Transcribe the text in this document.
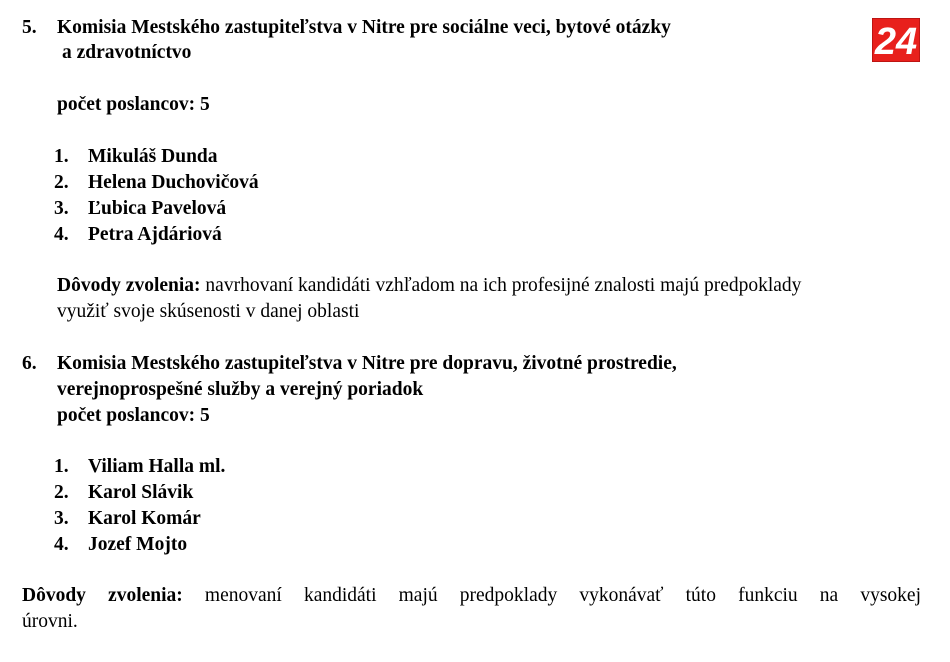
24
5. Komisia Mestského zastupiteľstva v Nitre pre sociálne veci, bytové otázky
a zdravotníctvo
počet poslancov: 5
1. Mikuláš Dunda
2. Helena Duchovičová
3. Ľubica Pavelová
4. Petra Ajdáriová
Dôvody zvolenia: navrhovaní kandidáti vzhľadom na ich profesijné znalosti majú predpoklady
využiť svoje skúsenosti v danej oblasti
6. Komisia Mestského zastupiteľstva v Nitre pre dopravu, životné prostredie,
verejnoprospešné služby a verejný poriadok
počet poslancov: 5
1. Viliam Halla ml.
2. Karol Slávik
3. Karol Komár
4. Jozef Mojto
Dôvody zvolenia: menovaní kandidáti majú predpoklady vykonávať túto funkciu na vysokej
úrovni.
